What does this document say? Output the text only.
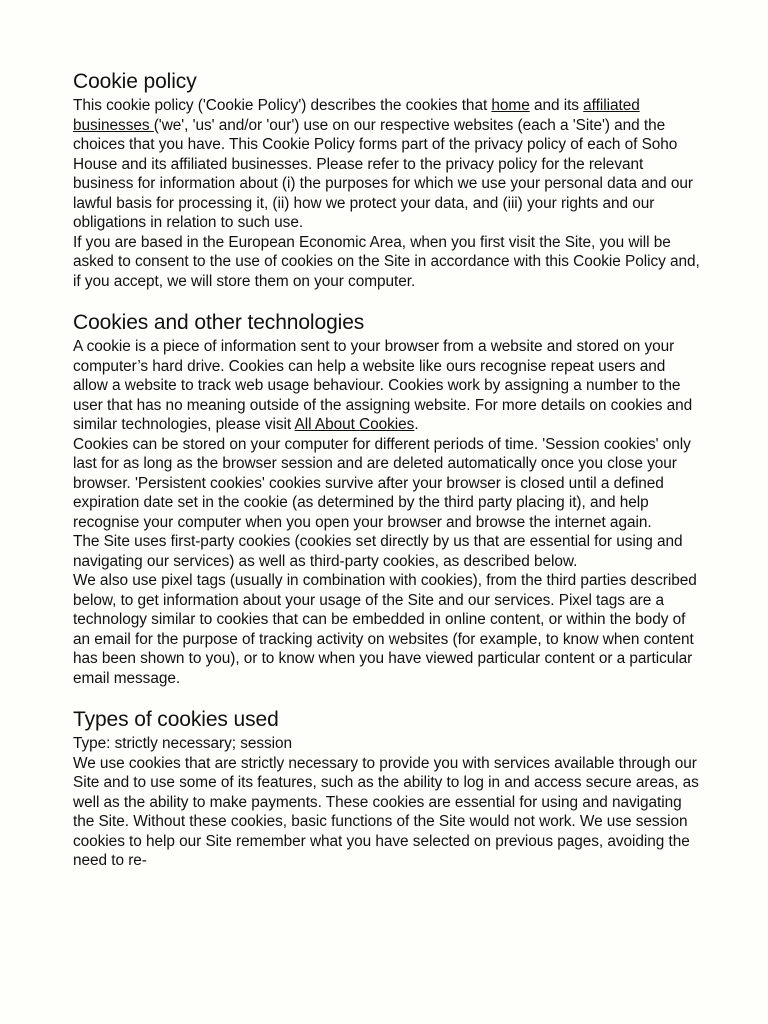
Cookie policy

This cookie policy ('Cookie Policy') describes the cookies that home and its affiliated businesses ('we', 'us' and/or 'our') use on our respective websites (each a 'Site') and the choices that you have. This Cookie Policy forms part of the privacy policy of each of Soho House and its affiliated businesses. Please refer to the privacy policy for the relevant business for information about (i) the purposes for which we use your personal data and our lawful basis for processing it, (ii) how we protect your data, and (iii) your rights and our obligations in relation to such use.

If you are based in the European Economic Area, when you first visit the Site, you will be asked to consent to the use of cookies on the Site in accordance with this Cookie Policy and, if you accept, we will store them on your computer.

Cookies and other technologies

A cookie is a piece of information sent to your browser from a website and stored on your computer’s hard drive. Cookies can help a website like ours recognise repeat users and allow a website to track web usage behaviour. Cookies work by assigning a number to the user that has no meaning outside of the assigning website. For more details on cookies and similar technologies, please visit All About Cookies.

Cookies can be stored on your computer for different periods of time. 'Session cookies' only last for as long as the browser session and are deleted automatically once you close your browser. 'Persistent cookies' cookies survive after your browser is closed until a defined expiration date set in the cookie (as determined by the third party placing it), and help recognise your computer when you open your browser and browse the internet again.

The Site uses first-party cookies (cookies set directly by us that are essential for using and navigating our services) as well as third-party cookies, as described below.

We also use pixel tags (usually in combination with cookies), from the third parties described below, to get information about your usage of the Site and our services. Pixel tags are a technology similar to cookies that can be embedded in online content, or within the body of an email for the purpose of tracking activity on websites (for example, to know when content has been shown to you), or to know when you have viewed particular content or a particular email message.

Types of cookies used

Type: strictly necessary; session

We use cookies that are strictly necessary to provide you with services available through our Site and to use some of its features, such as the ability to log in and access secure areas, as well as the ability to make payments. These cookies are essential for using and navigating the Site. Without these cookies, basic functions of the Site would not work. We use session cookies to help our Site remember what you have selected on previous pages, avoiding the need to re-
